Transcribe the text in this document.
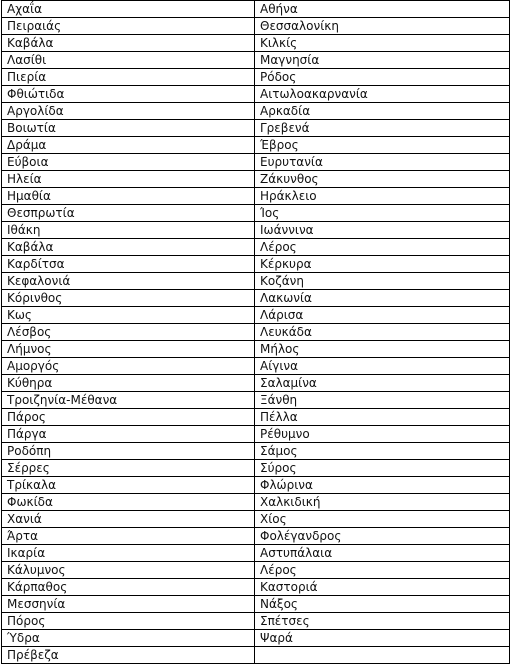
Αχαΐα	Αθήνα
Πειραιάς	Θεσσαλονίκη
Καβάλα	Κιλκίς
Λασίθι	Μαγνησία
Πιερία	Ρόδος
Φθιώτιδα	Αιτωλοακαρνανία
Αργολίδα	Αρκαδία
Βοιωτία	Γρεβενά
Δράμα	Έβρος
Εύβοια	Ευρυτανία
Ηλεία	Ζάκυνθος
Ημαθία	Ηράκλειο
Θεσπρωτία	Ίος
Ιθάκη	Ιωάννινα
Καβάλα	Λέρος
Καρδίτσα	Κέρκυρα
Κεφαλονιά	Κοζάνη
Κόρινθος	Λακωνία
Κως	Λάρισα
Λέσβος	Λευκάδα
Λήμνος	Μήλος
Αμοργός	Αίγινα
Κύθηρα	Σαλαμίνα
Τροιζηνία-Μέθανα	Ξάνθη
Πάρος	Πέλλα
Πάργα	Ρέθυμνο
Ροδόπη	Σάμος
Σέρρες	Σύρος
Τρίκαλα	Φλώρινα
Φωκίδα	Χαλκιδική
Χανιά	Χίος
Άρτα	Φολέγανδρος
Ικαρία	Αστυπάλαια
Κάλυμνος	Λέρος
Κάρπαθος	Καστοριά
Μεσσηνία	Νάξος
Πόρος	Σπέτσες
Ύδρα	Ψαρά
Πρέβεζα	
